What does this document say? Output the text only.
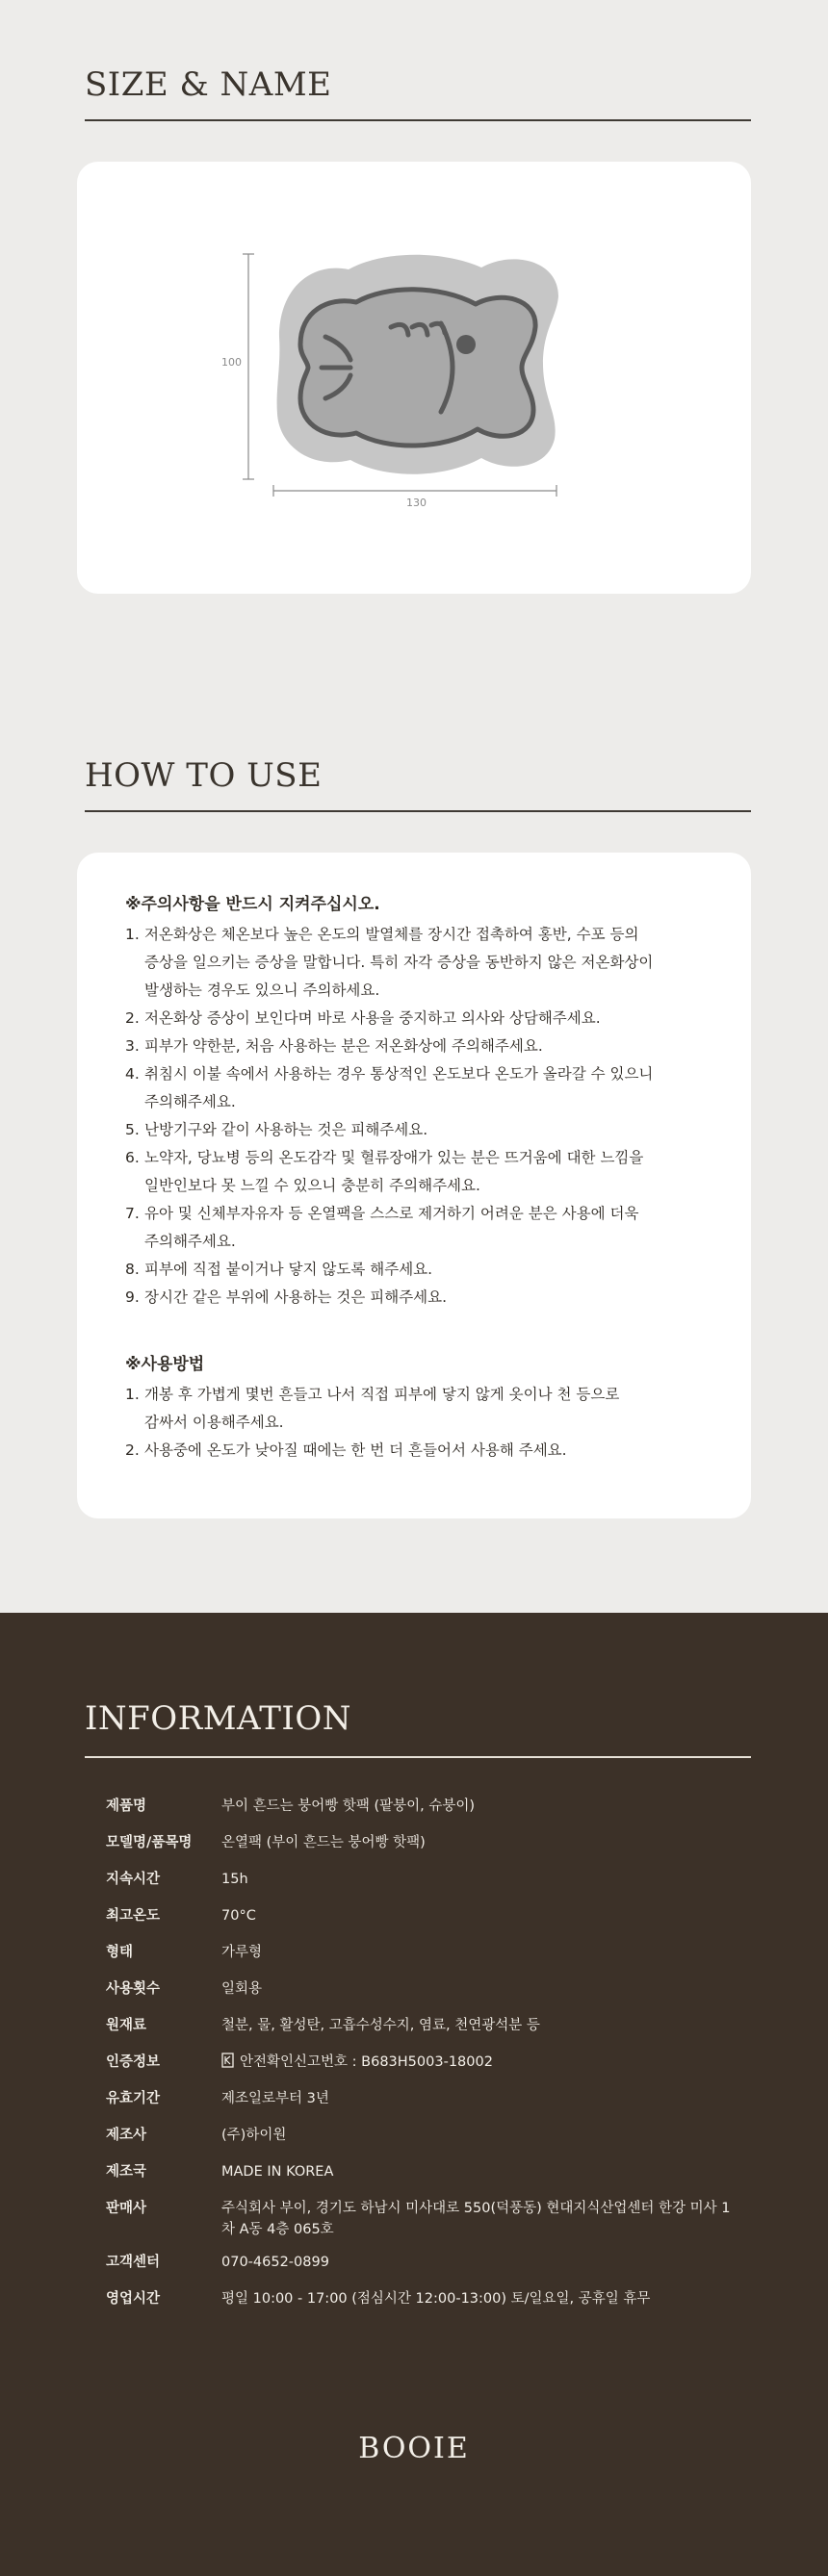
SIZE & NAME
100
130
HOW TO USE
※주의사항을 반드시 지켜주십시오.
1. 저온화상은 체온보다 높은 온도의 발열체를 장시간 접촉하여 홍반, 수포 등의
증상을 일으키는 증상을 말합니다. 특히 자각 증상을 동반하지 않은 저온화상이
발생하는 경우도 있으니 주의하세요.
2. 저온화상 증상이 보인다며 바로 사용을 중지하고 의사와 상담해주세요.
3. 피부가 약한분, 처음 사용하는 분은 저온화상에 주의해주세요.
4. 취침시 이불 속에서 사용하는 경우 통상적인 온도보다 온도가 올라갈 수 있으니
주의해주세요.
5. 난방기구와 같이 사용하는 것은 피해주세요.
6. 노약자, 당뇨병 등의 온도감각 및 혈류장애가 있는 분은 뜨거움에 대한 느낌을
일반인보다 못 느낄 수 있으니 충분히 주의해주세요.
7. 유아 및 신체부자유자 등 온열팩을 스스로 제거하기 어려운 분은 사용에 더욱
주의해주세요.
8. 피부에 직접 붙이거나 닿지 않도록 해주세요.
9. 장시간 같은 부위에 사용하는 것은 피해주세요.
※사용방법
1. 개봉 후 가볍게 몇번 흔들고 나서 직접 피부에 닿지 않게 옷이나 천 등으로
감싸서 이용해주세요.
2. 사용중에 온도가 낮아질 때에는 한 번 더 흔들어서 사용해 주세요.
INFORMATION
제품명	부이 흔드는 붕어빵 핫팩 (팥붕이, 슈붕이)
모델명/품목명	온열팩 (부이 흔드는 붕어빵 핫팩)
지속시간	15h
최고온도	70°C
형태	가루형
사용횟수	일회용
원재료	철분, 물, 활성탄, 고흡수성수지, 염료, 천연광석분 등
인증정보	안전확인신고번호 : B683H5003-18002
유효기간	제조일로부터 3년
제조사	(주)하이원
제조국	MADE IN KOREA
판매사	주식회사 부이, 경기도 하남시 미사대로 550(덕풍동) 현대지식산업센터 한강 미사 1차 A동 4층 065호
고객센터	070-4652-0899
영업시간	평일 10:00 - 17:00 (점심시간 12:00-13:00) 토/일요일, 공휴일 휴무
BOOIE
